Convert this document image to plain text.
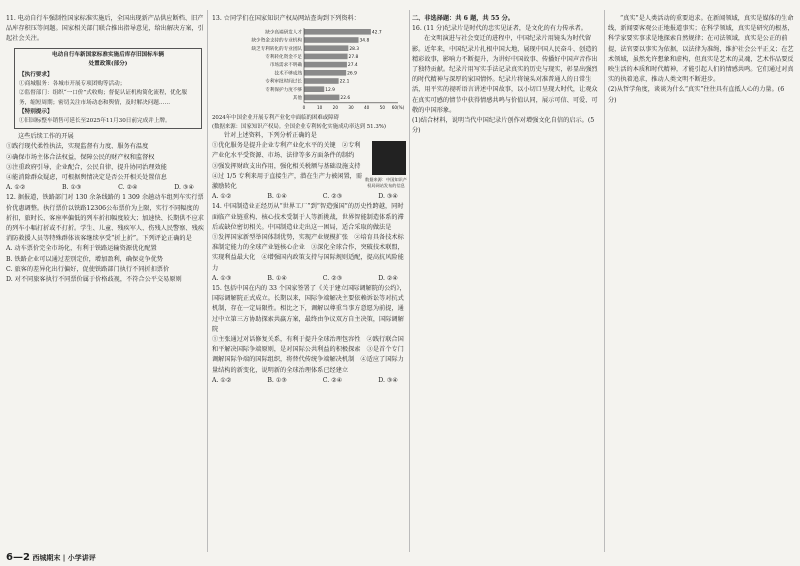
11. 电动自行车强制性国家标准实施后，全国出现新产品供应断档、旧产品库存积压等问题。国家相关部门联合推出指导意见，给出解决方案，引起社会关注。

电动自行车新国家标准实施后库存旧国标车辆

处置政策(部分)

【执行要求】

①商城服务：各城市开展专项团购等活动；

②监督部门：组织“一口价”式收购；督促认证机构简化流程，优化服务，缩短周期；密切关注市场动态和舆情，及时解决问题……

【特别提示】

①旧国标整车销售可延长至2025年11月30日前完成并上牌。

这些后续工作的开展

①践行现代柔性执法，实现监督有力度、服务有温度

②确保市场主体合法权益，保障公民的财产权和监督权

③注重政府引导，企业配合，公民自律，提升协同治理效能

④能消除群众疑虑，可根据舆情决定是否公开相关处置信息

A. ①②	B. ①③	C. ②④	D. ③④

12. 据报道，铁路部门对 130 余条线路的 1 309 余趟动车组列车实行票价优惠调整。执行票价以铁路12306公布票价为上限，实行不同幅度的折扣，旅时长、客座率偏低的列车折扣幅度较大；加速快、长期供不应求的列车小幅打折或不打折。学生、儿童、残疾军人、伤残人民警察、残疾消防救援人员等特殊群体该客继续享受“折上折”。下列评论正确的是

A. 动车票价完全市场化，有利于铁路运输资源优化配置

B. 铁路企业可以通过差别定价，增加盈利，确保竞争优势

C. 旅客的差异化出行偏好，促使铁路部门执行不同折扣票价

D. 对不同旅客执行不同票价属于价格歧视，不符合公平交易原则

13. ☆同学们在国家知识产权局网站查询到下列资料：

缺少高端研发人才	42.7
缺少资金支持的专业机构	34.8
缺乏专利转化的专业团队	28.3
专利转化资金不足	27.8
市场需求不明确	27.4
技术不够成熟	26.9
专利审批时间过长	22.1
专利保护力度不够	12.9
其他	22.6
0	10 20 30 40 50 60(%)

2024年中国企业开展专利产业化中面临的困难或障碍

(数据来源：国家知识产权局。全国企业专利转化实施成功率达到 51.3%)

数据来源：中国知识产权局网站发布的信息

针对上述资料，下列分析正确的是

①优化服务是提升企业专利产业化水平的关键　②专利产业化水平受资源、市场、法律等多方面条件的制约　③强发挥财政支出作用，强化相关税额与基础设施支持　④过 1/5 专利来用于直接生产，潜在生产力被闲置，需激励转化

A. ①②	B. ①④	C. ②③	D. ③④

14. 中国制造业正经历从“世界工厂”到“智造强国”的历史性跨越，同时面临产业链重构、核心技术受制于人等新挑战，世界智能制造体系的滞后或缺位密切相关。中国制造业走出这一困局，适合采取的做法是

①发挥国家新型举国体制优势，实现产业规模扩张　②培育具备技术标准制定能力的全球产业链核心企业　③深化全球合作，突破技术联盟，实现利益最大化　④增强国内政策支持与国际规则适配，提高抗风险能力

A. ①③	B. ①④	C. ②③	D. ②④

15. 包括中国在内的 33 个国家签署了《关于建立国际调解院的公约》，国际调解院正式成立。长期以来，国际争端解决主要依赖诉讼等对抗式机制，存在一定局限性。相比之下，调解以尊重当事方意愿为前提，通过中立第三方协助探索共赢方案，最终由争议双方自主决策，国际调解院

①主张通过对话修复关系，有利于提升全球治理包容性　②践行联合国和平解决国际争端原则，是对国际公共利益的积极探索　③是首个专门调解国际争端的国际组织，将替代传统争端解决机制　④适应了国际力量结构的新变化，说明新的全球治理体系已经建立

A. ①②	B. ①③	C. ②④	D. ③④

二、非选择题：共 6 题，共 55 分。

16. (11 分)纪录片是时代的忠实见证者，是文化的有力传承者。

在文明演进与社会变迁的进程中，中国纪录片用镜头为时代留影。近年来，中国纪录片扎根中国大地，展现中国人民奋斗、创造的精彩故事，影响力不断提升，为讲好中国故事、传播好中国声音作出了独特贡献。纪录片用写实手法记录真实的历史与现实，彰显出强烈的时代精神与深厚的家国情怀。纪录片将镜头对准普通人的日常生活，用平实的视听语言讲述中国故事，以小切口呈现大时代，让观众在真实可感的情节中获得情感共鸣与价值认同，展示可信、可爱、可敬的中国形象。

(1)结合材料，说明当代中国纪录片创作对增强文化自信的启示。(5 分)

“真实”是人类活动的重要追求。在新闻领域，真实是媒体的生命线，新闻要客观公正地报道事实；在科学领域，真实是研究的根基，科学家要实事求是地探索自然规律；在司法领域，真实是公正的前提，法官要以事实为依据，以法律为准绳，维护社会公平正义；在艺术领域，虽然允许想象和虚构，但真实是艺术的灵魂，艺术作品要反映生活的本质和时代精神，才能引起人们的情感共鸣。它们通过对真实的执着追求，推动人类文明不断进步。

(2)从哲学角度，谈谈为什么“真实”往往具有直抵人心的力量。(6 分)

6—2 西城期末 | 小学讲评
